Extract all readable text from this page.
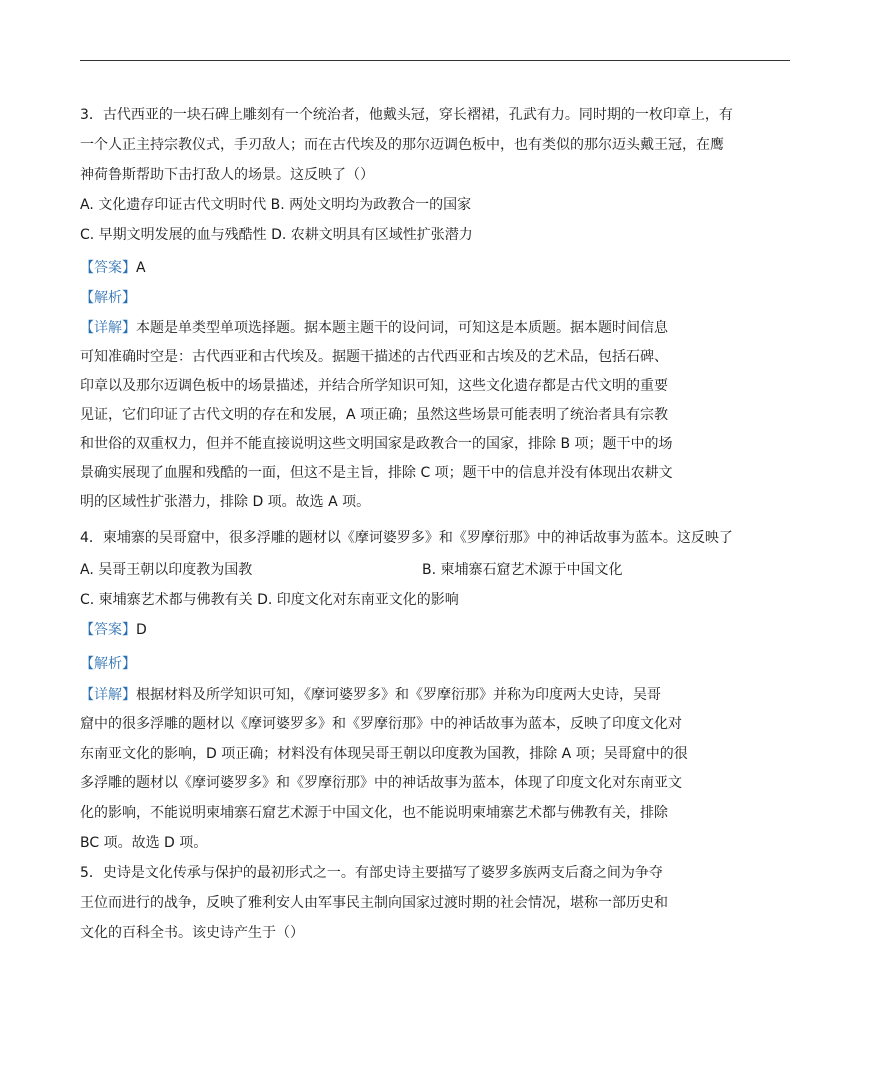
3．古代西亚的一块石碑上雕刻有一个统治者，他戴头冠，穿长褶裙，孔武有力。同时期的一枚印章上，有
一个人正主持宗教仪式，手刃敌人；而在古代埃及的那尔迈调色板中，也有类似的那尔迈头戴王冠，在鹰
神荷鲁斯帮助下击打敌人的场景。这反映了（）
A. 文化遗存印证古代文明时代 B. 两处文明均为政教合一的国家
C. 早期文明发展的血与残酷性 D. 农耕文明具有区域性扩张潜力
【答案】A
【解析】
【详解】本题是单类型单项选择题。据本题主题干的设问词，可知这是本质题。据本题时间信息
可知准确时空是：古代西亚和古代埃及。据题干描述的古代西亚和古埃及的艺术品，包括石碑、
印章以及那尔迈调色板中的场景描述，并结合所学知识可知，这些文化遗存都是古代文明的重要
见证，它们印证了古代文明的存在和发展，A 项正确；虽然这些场景可能表明了统治者具有宗教
和世俗的双重权力，但并不能直接说明这些文明国家是政教合一的国家，排除 B 项；题干中的场
景确实展现了血腥和残酷的一面，但这不是主旨，排除 C 项；题干中的信息并没有体现出农耕文
明的区域性扩张潜力，排除 D 项。故选 A 项。
4．柬埔寨的吴哥窟中，很多浮雕的题材以《摩诃婆罗多》和《罗摩衍那》中的神话故事为蓝本。这反映了
A. 吴哥王朝以印度教为国教	B. 柬埔寨石窟艺术源于中国文化
C. 柬埔寨艺术都与佛教有关 D. 印度文化对东南亚文化的影响
【答案】D
【解析】
【详解】根据材料及所学知识可知，《摩诃婆罗多》和《罗摩衍那》并称为印度两大史诗，吴哥
窟中的很多浮雕的题材以《摩诃婆罗多》和《罗摩衍那》中的神话故事为蓝本，反映了印度文化对
东南亚文化的影响，D 项正确；材料没有体现吴哥王朝以印度教为国教，排除 A 项；吴哥窟中的很
多浮雕的题材以《摩诃婆罗多》和《罗摩衍那》中的神话故事为蓝本，体现了印度文化对东南亚文
化的影响，不能说明柬埔寨石窟艺术源于中国文化，也不能说明柬埔寨艺术都与佛教有关，排除
BC 项。故选 D 项。
5．史诗是文化传承与保护的最初形式之一。有部史诗主要描写了婆罗多族两支后裔之间为争夺
王位而进行的战争，反映了雅利安人由军事民主制向国家过渡时期的社会情况，堪称一部历史和
文化的百科全书。该史诗产生于（）
